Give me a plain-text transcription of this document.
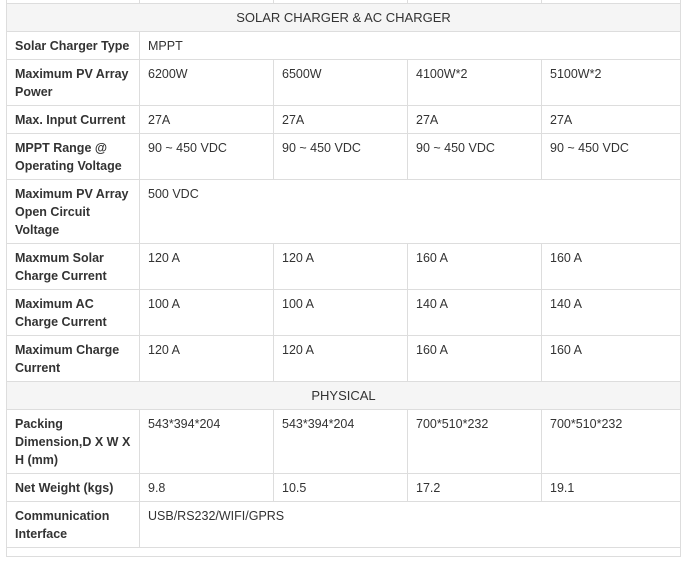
SOLAR CHARGER & AC CHARGER				
Solar Charger Type	MPPT			
Maximum PV Array Power	6200W	6500W	4100W*2	5100W*2
Max. Input Current	27A	27A	27A	27A
MPPT Range @ Operating Voltage	90 ~ 450 VDC	90 ~ 450 VDC	90 ~ 450 VDC	90 ~ 450 VDC
Maximum PV Array Open Circuit Voltage	500 VDC			
Maxmum Solar Charge Current	120 A	120 A	160 A	160 A
Maximum AC Charge Current	100 A	100 A	140 A	140 A
Maximum Charge Current	120 A	120 A	160 A	160 A
PHYSICAL				
Packing Dimension,D X W X H (mm)	543*394*204	543*394*204	700*510*232	700*510*232
Net Weight (kgs)	9.8	10.5	17.2	19.1
Communication Interface	USB/RS232/WIFI/GPRS			
